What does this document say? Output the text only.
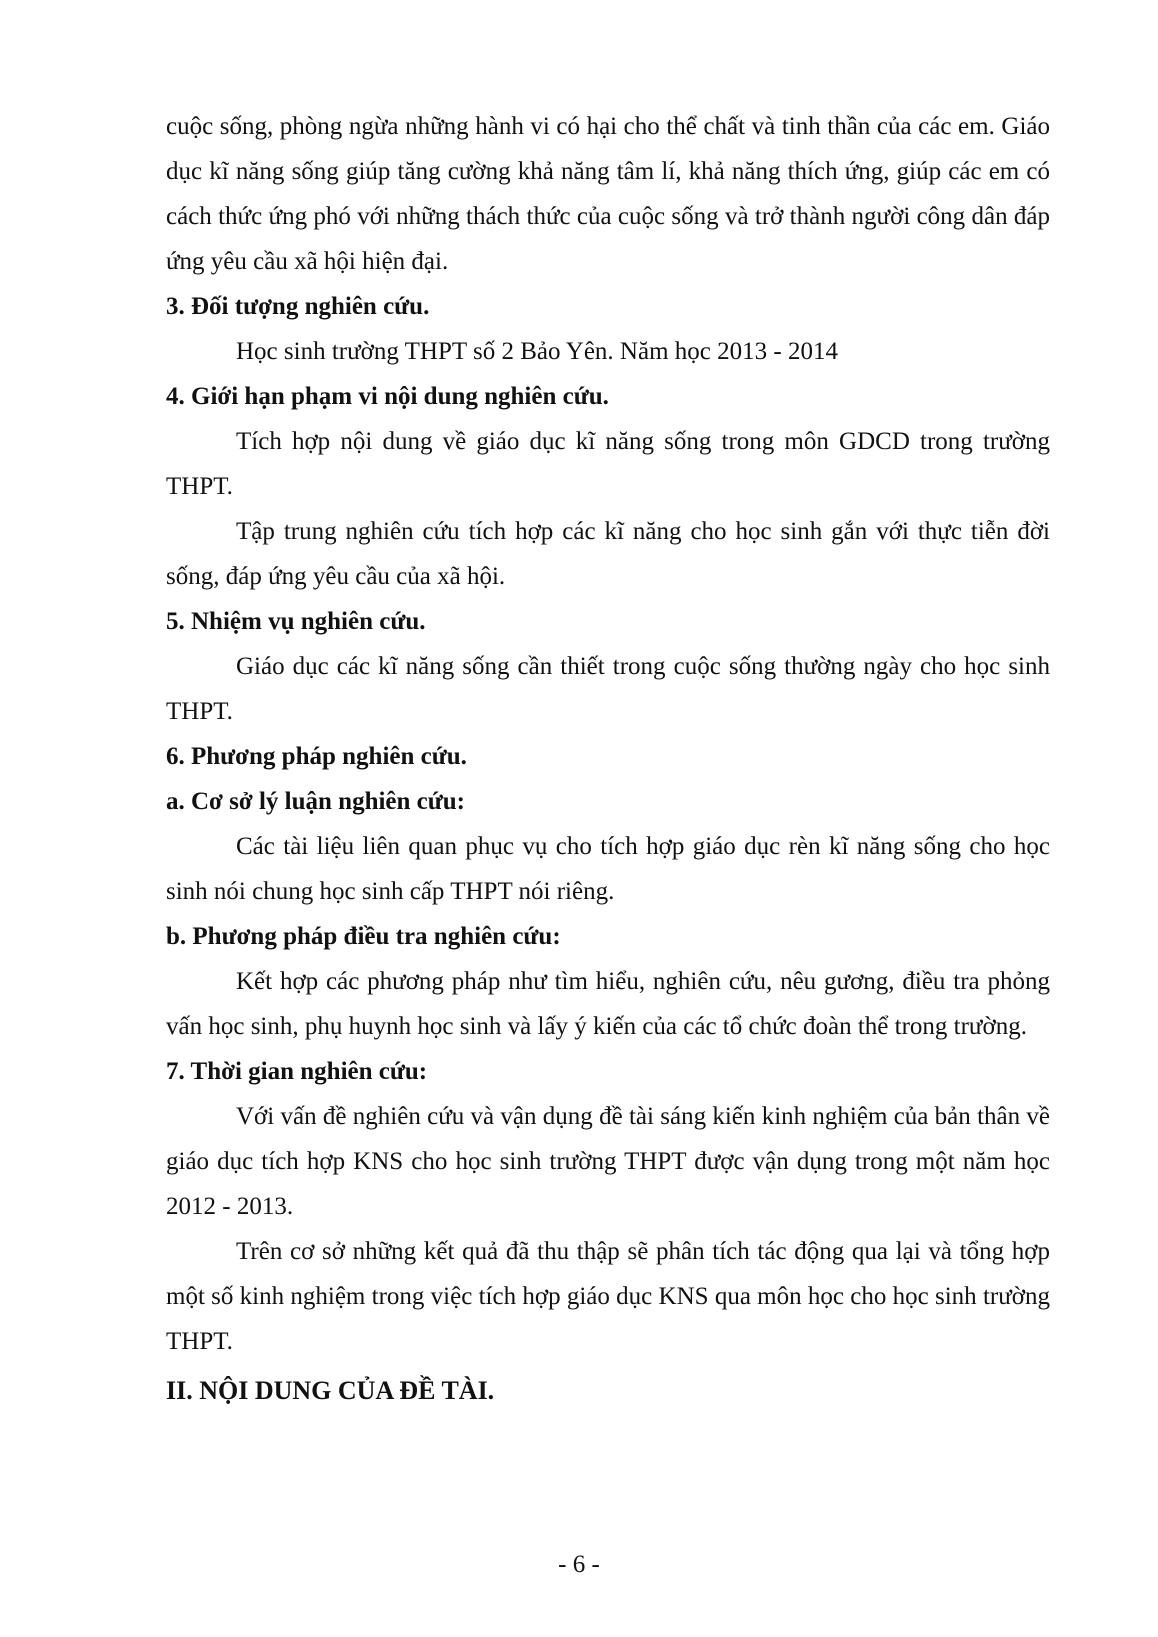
cuộc sống, phòng ngừa những hành vi có hại cho thể chất và tinh thần của các em. Giáo dục kĩ năng sống giúp tăng cường khả năng tâm lí, khả năng thích ứng, giúp các em có cách thức ứng phó với những thách thức của cuộc sống và trở thành người công dân đáp ứng yêu cầu xã hội hiện đại.

3. Đối tượng nghiên cứu.

Học sinh trường THPT số 2 Bảo Yên. Năm học 2013 - 2014

4. Giới hạn phạm vi nội dung nghiên cứu.

Tích hợp nội dung về giáo dục kĩ năng sống trong môn GDCD trong trường THPT.

Tập trung nghiên cứu tích hợp các kĩ năng cho học sinh gắn với thực tiễn đời sống, đáp ứng yêu cầu của xã hội.

5. Nhiệm vụ nghiên cứu.

Giáo dục các kĩ năng sống cần thiết trong cuộc sống thường ngày cho học sinh THPT.

6. Phương pháp nghiên cứu.

a. Cơ sở lý luận nghiên cứu:

Các tài liệu liên quan phục vụ cho tích hợp giáo dục rèn kĩ năng sống cho học sinh nói chung học sinh cấp THPT nói riêng.

b. Phương pháp điều tra nghiên cứu:

Kết hợp các phương pháp như tìm hiểu, nghiên cứu, nêu gương, điều tra phỏng vấn học sinh, phụ huynh học sinh và lấy ý kiến của các tổ chức đoàn thể trong trường.

7. Thời gian nghiên cứu:

Với vấn đề nghiên cứu và vận dụng đề tài sáng kiến kinh nghiệm của bản thân về giáo dục tích hợp KNS cho học sinh trường THPT được vận dụng trong một năm học 2012 - 2013.

Trên cơ sở những kết quả đã thu thập sẽ phân tích tác động qua lại và tổng hợp một số kinh nghiệm trong việc tích hợp giáo dục KNS qua môn học cho học sinh trường THPT.

II. NỘI DUNG CỦA ĐỀ TÀI.

- 6 -
